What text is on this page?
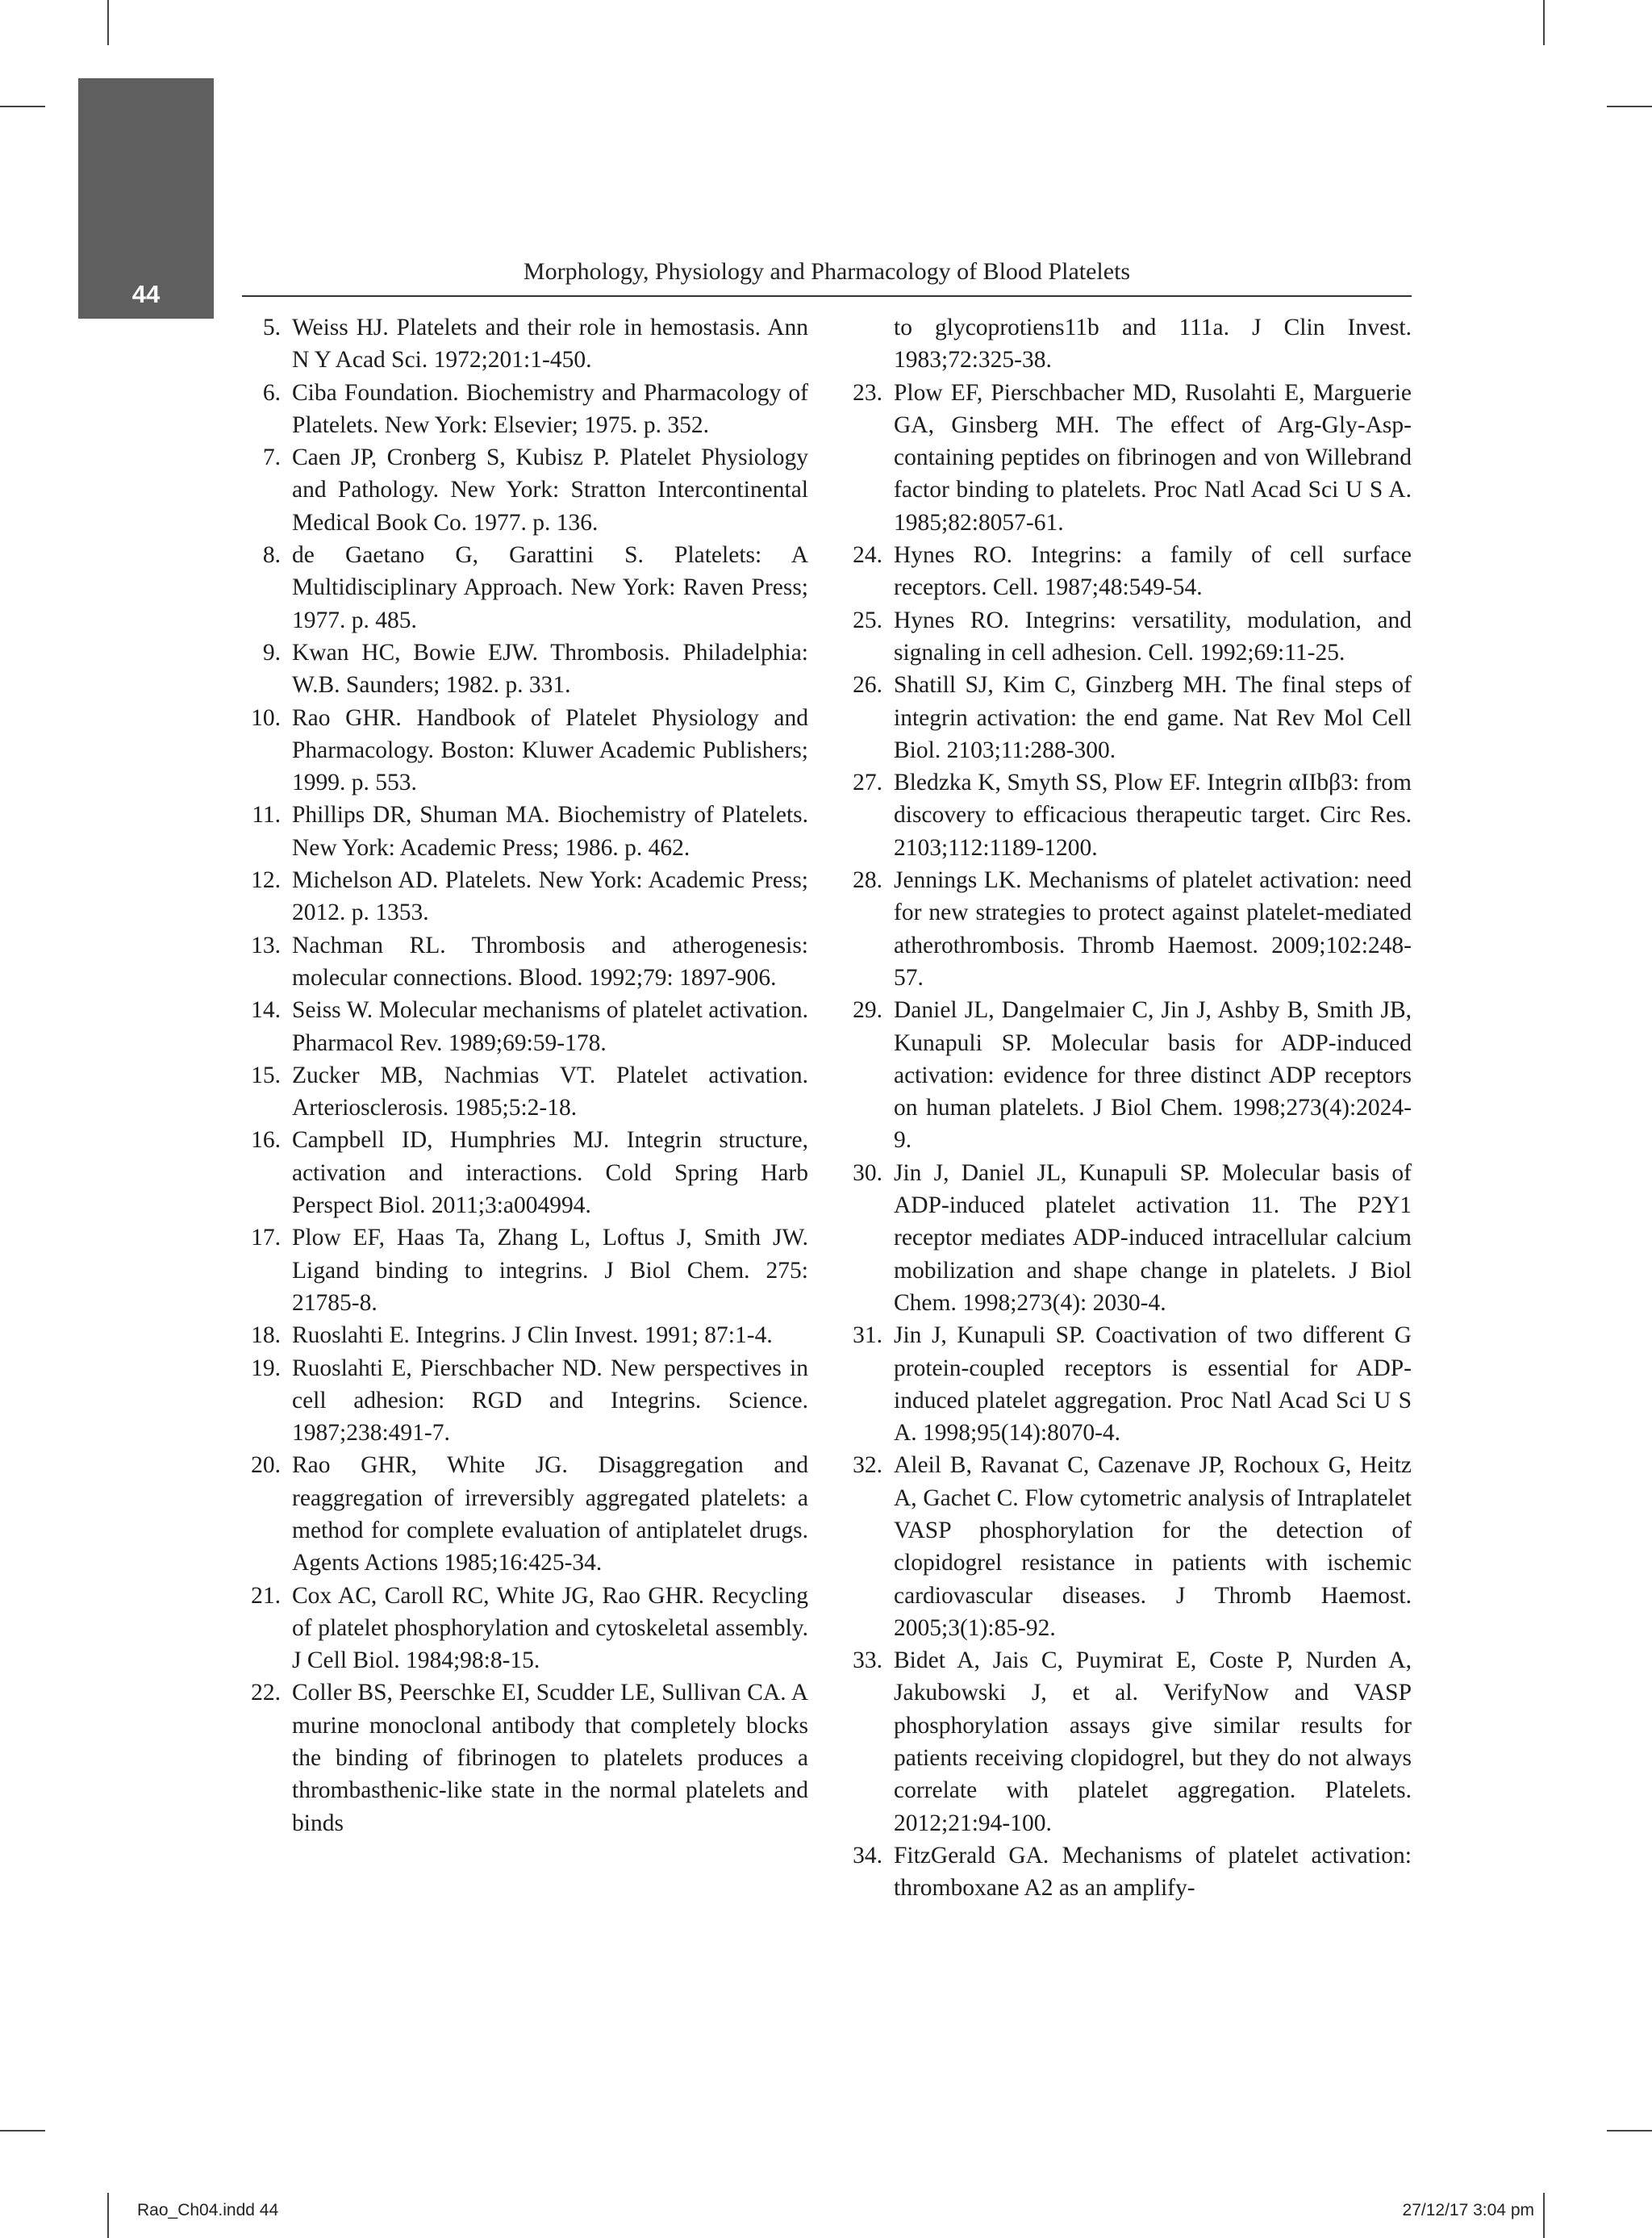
44
Morphology, Physiology and Pharmacology of Blood Platelets
5. Weiss HJ. Platelets and their role in hemostasis. Ann N Y Acad Sci. 1972;201:1-450.
6. Ciba Foundation. Biochemistry and Pharmacology of Platelets. New York: Elsevier; 1975. p. 352.
7. Caen JP, Cronberg S, Kubisz P. Platelet Physiology and Pathology. New York: Stratton Intercontinental Medical Book Co. 1977. p. 136.
8. de Gaetano G, Garattini S. Platelets: A Multidisciplinary Approach. New York: Raven Press; 1977. p. 485.
9. Kwan HC, Bowie EJW. Thrombosis. Philadelphia: W.B. Saunders; 1982. p. 331.
10. Rao GHR. Handbook of Platelet Physiology and Pharmacology. Boston: Kluwer Academic Publishers; 1999. p. 553.
11. Phillips DR, Shuman MA. Biochemistry of Platelets. New York: Academic Press; 1986. p. 462.
12. Michelson AD. Platelets. New York: Academic Press; 2012. p. 1353.
13. Nachman RL. Thrombosis and atherogenesis: molecular connections. Blood. 1992;79: 1897-906.
14. Seiss W. Molecular mechanisms of platelet activation. Pharmacol Rev. 1989;69:59-178.
15. Zucker MB, Nachmias VT. Platelet activation. Arteriosclerosis. 1985;5:2-18.
16. Campbell ID, Humphries MJ. Integrin structure, activation and interactions. Cold Spring Harb Perspect Biol. 2011;3:a004994.
17. Plow EF, Haas Ta, Zhang L, Loftus J, Smith JW. Ligand binding to integrins. J Biol Chem. 275: 21785-8.
18. Ruoslahti E. Integrins. J Clin Invest. 1991; 87:1-4.
19. Ruoslahti E, Pierschbacher ND. New perspectives in cell adhesion: RGD and Integrins. Science. 1987;238:491-7.
20. Rao GHR, White JG. Disaggregation and reaggregation of irreversibly aggregated platelets: a method for complete evaluation of antiplatelet drugs. Agents Actions 1985;16:425-34.
21. Cox AC, Caroll RC, White JG, Rao GHR. Recycling of platelet phosphorylation and cytoskeletal assembly. J Cell Biol. 1984;98:8-15.
22. Coller BS, Peerschke EI, Scudder LE, Sullivan CA. A murine monoclonal antibody that completely blocks the binding of fibrinogen to platelets produces a thrombasthenic-like state in the normal platelets and binds
to glycoprotiens11b and 111a. J Clin Invest. 1983;72:325-38.
23. Plow EF, Pierschbacher MD, Rusolahti E, Marguerie GA, Ginsberg MH. The effect of Arg-Gly-Asp-containing peptides on fibrinogen and von Willebrand factor binding to platelets. Proc Natl Acad Sci U S A. 1985;82:8057-61.
24. Hynes RO. Integrins: a family of cell surface receptors. Cell. 1987;48:549-54.
25. Hynes RO. Integrins: versatility, modulation, and signaling in cell adhesion. Cell. 1992;69:11-25.
26. Shatill SJ, Kim C, Ginzberg MH. The final steps of integrin activation: the end game. Nat Rev Mol Cell Biol. 2103;11:288-300.
27. Bledzka K, Smyth SS, Plow EF. Integrin αIIbβ3: from discovery to efficacious therapeutic target. Circ Res. 2103;112:1189-1200.
28. Jennings LK. Mechanisms of platelet activation: need for new strategies to protect against platelet-mediated atherothrombosis. Thromb Haemost. 2009;102:248-57.
29. Daniel JL, Dangelmaier C, Jin J, Ashby B, Smith JB, Kunapuli SP. Molecular basis for ADP-induced activation: evidence for three distinct ADP receptors on human platelets. J Biol Chem. 1998;273(4):2024-9.
30. Jin J, Daniel JL, Kunapuli SP. Molecular basis of ADP-induced platelet activation 11. The P2Y1 receptor mediates ADP-induced intracellular calcium mobilization and shape change in platelets. J Biol Chem. 1998;273(4): 2030-4.
31. Jin J, Kunapuli SP. Coactivation of two different G protein-coupled receptors is essential for ADP-induced platelet aggregation. Proc Natl Acad Sci U S A. 1998;95(14):8070-4.
32. Aleil B, Ravanat C, Cazenave JP, Rochoux G, Heitz A, Gachet C. Flow cytometric analysis of Intraplatelet VASP phosphorylation for the detection of clopidogrel resistance in patients with ischemic cardiovascular diseases. J Thromb Haemost. 2005;3(1):85-92.
33. Bidet A, Jais C, Puymirat E, Coste P, Nurden A, Jakubowski J, et al. VerifyNow and VASP phosphorylation assays give similar results for patients receiving clopidogrel, but they do not always correlate with platelet aggregation. Platelets. 2012;21:94-100.
34. FitzGerald GA. Mechanisms of platelet activation: thromboxane A2 as an amplify-
Rao_Ch04.indd 44	27/12/17 3:04 pm
